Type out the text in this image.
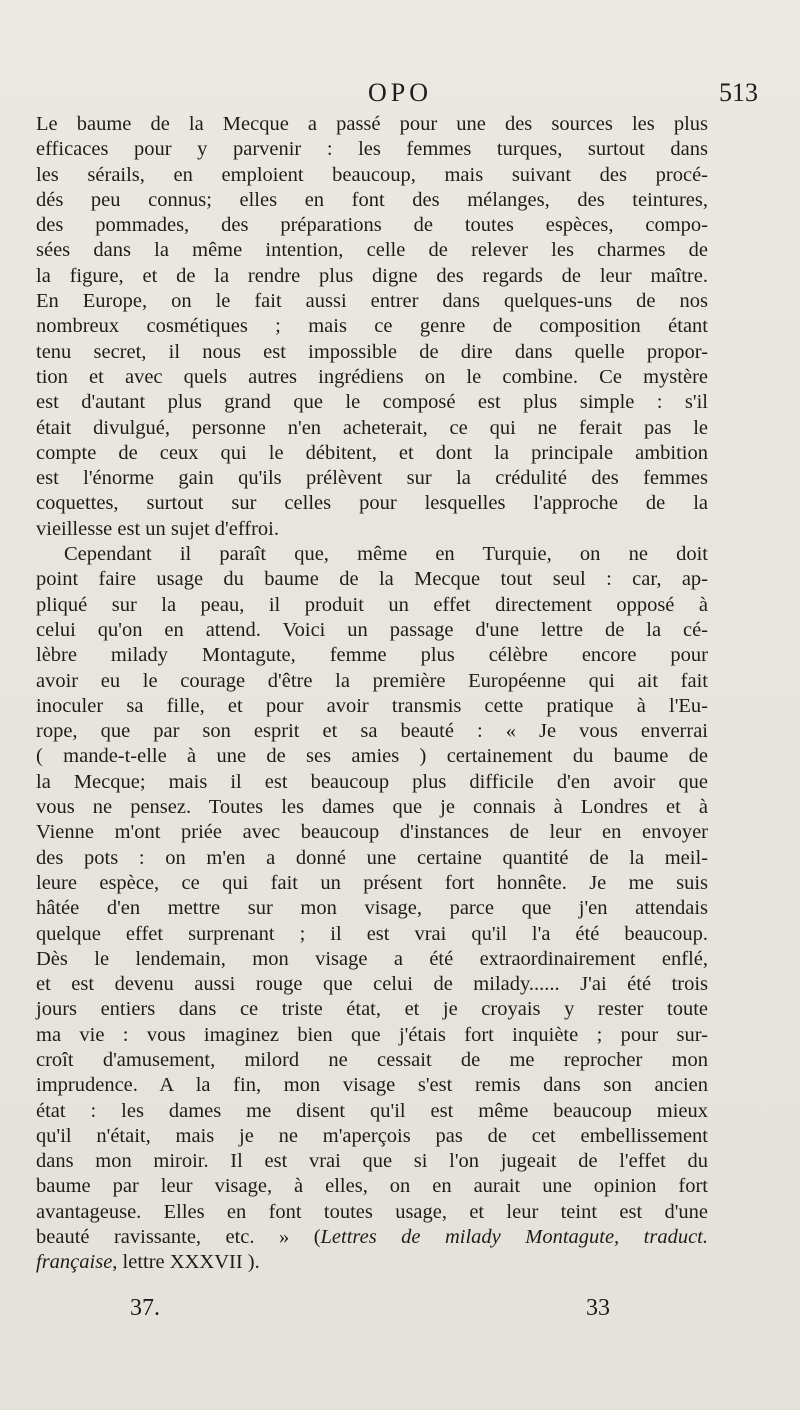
OPO	513
Le baume de la Mecque a passé pour une des sources les plus
efficaces pour y parvenir : les femmes turques, surtout dans
les sérails, en emploient beaucoup, mais suivant des procé-
dés peu connus; elles en font des mélanges, des teintures,
des pommades, des préparations de toutes espèces, compo-
sées dans la même intention, celle de relever les charmes de
la figure, et de la rendre plus digne des regards de leur maître.
En Europe, on le fait aussi entrer dans quelques-uns de nos
nombreux cosmétiques ; mais ce genre de composition étant
tenu secret, il nous est impossible de dire dans quelle propor-
tion et avec quels autres ingrédiens on le combine. Ce mystère
est d'autant plus grand que le composé est plus simple : s'il
était divulgué, personne n'en acheterait, ce qui ne ferait pas le
compte de ceux qui le débitent, et dont la principale ambition
est l'énorme gain qu'ils prélèvent sur la crédulité des femmes
coquettes, surtout sur celles pour lesquelles l'approche de la
vieillesse est un sujet d'effroi.
Cependant il paraît que, même en Turquie, on ne doit
point faire usage du baume de la Mecque tout seul : car, ap-
pliqué sur la peau, il produit un effet directement opposé à
celui qu'on en attend. Voici un passage d'une lettre de la cé-
lèbre milady Montagute, femme plus célèbre encore pour
avoir eu le courage d'être la première Européenne qui ait fait
inoculer sa fille, et pour avoir transmis cette pratique à l'Eu-
rope, que par son esprit et sa beauté : « Je vous enverrai
( mande-t-elle à une de ses amies ) certainement du baume de
la Mecque; mais il est beaucoup plus difficile d'en avoir que
vous ne pensez. Toutes les dames que je connais à Londres et à
Vienne m'ont priée avec beaucoup d'instances de leur en envoyer
des pots : on m'en a donné une certaine quantité de la meil-
leure espèce, ce qui fait un présent fort honnête. Je me suis
hâtée d'en mettre sur mon visage, parce que j'en attendais
quelque effet surprenant ; il est vrai qu'il l'a été beaucoup.
Dès le lendemain, mon visage a été extraordinairement enflé,
et est devenu aussi rouge que celui de milady...... J'ai été trois
jours entiers dans ce triste état, et je croyais y rester toute
ma vie : vous imaginez bien que j'étais fort inquiète ; pour sur-
croît d'amusement, milord ne cessait de me reprocher mon
imprudence. A la fin, mon visage s'est remis dans son ancien
état : les dames me disent qu'il est même beaucoup mieux
qu'il n'était, mais je ne m'aperçois pas de cet embellissement
dans mon miroir. Il est vrai que si l'on jugeait de l'effet du
baume par leur visage, à elles, on en aurait une opinion fort
avantageuse. Elles en font toutes usage, et leur teint est d'une
beauté ravissante, etc. » (Lettres de milady Montagute, traduct.
française, lettre XXXVII ).
37.	33
